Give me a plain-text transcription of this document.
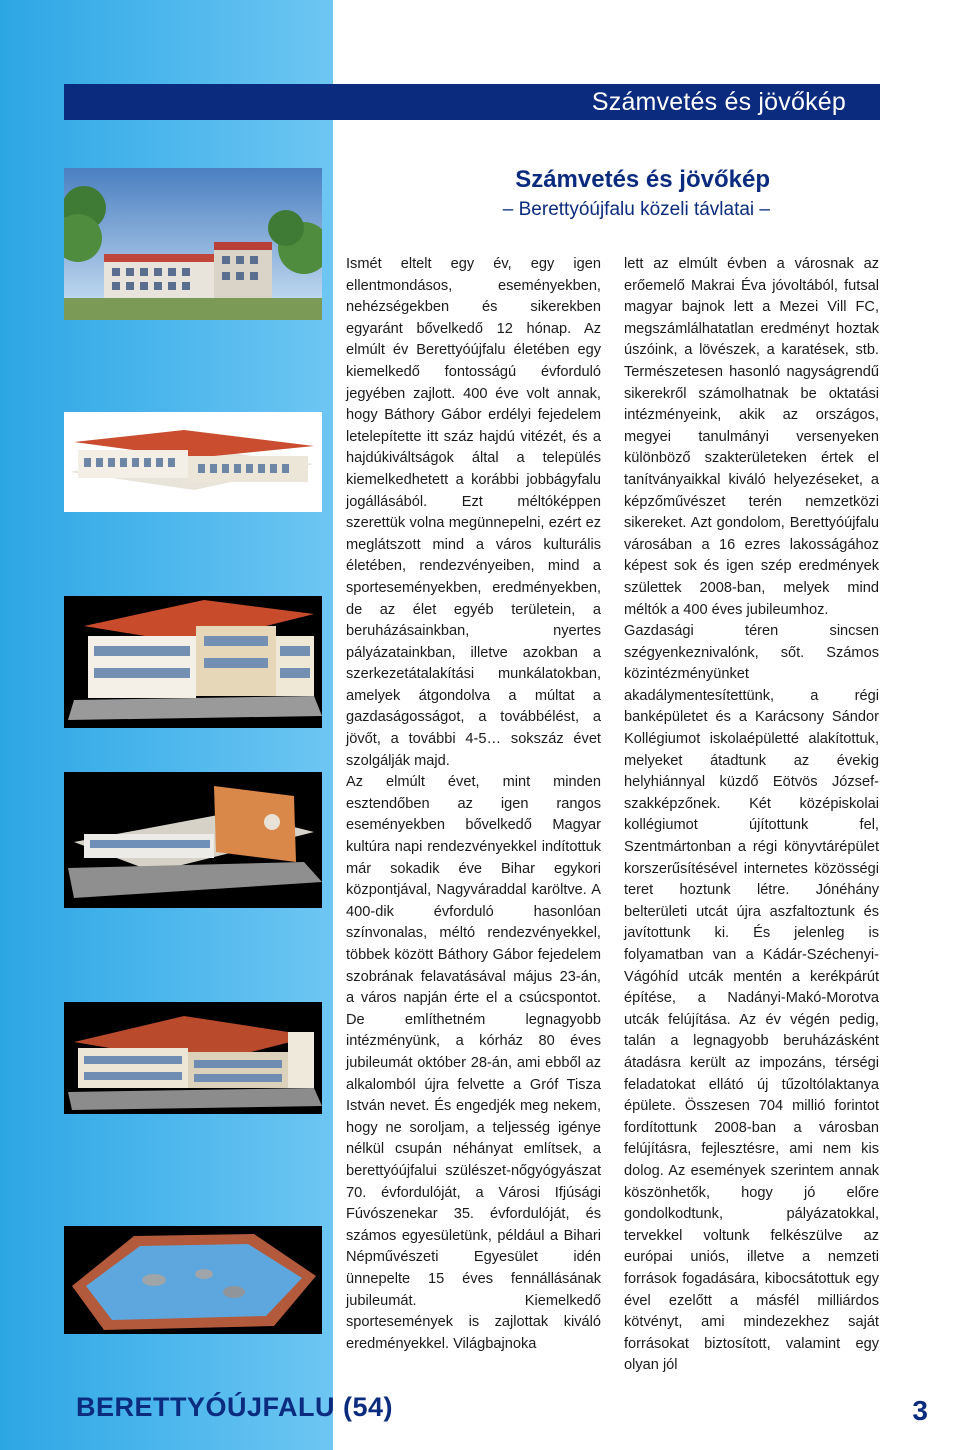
Számvetés és jövőkép
Számvetés és jövőkép
– Berettyóújfalu közeli távlatai –

Ismét eltelt egy év, egy igen ellentmondásos, eseményekben, nehézségekben és sikerekben egyaránt bővelkedő 12 hónap. Az elmúlt év Berettyóújfalu életében egy kiemelkedő fontosságú évforduló jegyében zajlott. 400 éve volt annak, hogy Báthory Gábor erdélyi fejedelem letelepítette itt száz hajdú vitézét, és a hajdúkiváltságok által a település kiemelkedhetett a korábbi jobbágyfalu jogállásából. Ezt méltóképpen szerettük volna megünnepelni, ezért ez meglátszott mind a város kulturális életében, rendezvényeiben, mind a sporteseményekben, eredményekben, de az élet egyéb területein, a beruházásainkban, nyertes pályázatainkban, illetve azokban a szerkezetátalakítási munkálatokban, amelyek átgondolva a múltat a gazdaságosságot, a továbbélést, a jövőt, a további 4-5… sokszáz évet szolgálják majd.

Az elmúlt évet, mint minden esztendőben az igen rangos eseményekben bővelkedő Magyar kultúra napi rendezvényekkel indítottuk már sokadik éve Bihar egykori központjával, Nagyváraddal karöltve. A 400-dik évforduló hasonlóan színvonalas, méltó rendezvényekkel, többek között Báthory Gábor fejedelem szobrának felavatásával május 23-án, a város napján érte el a csúcspontot. De említhetném legnagyobb intézményünk, a kórház 80 éves jubileumát október 28-án, ami ebből az alkalomból újra felvette a Gróf Tisza István nevet. És engedjék meg nekem, hogy ne soroljam, a teljesség igénye nélkül csupán néhányat említsek, a berettyóújfalui szülészet-nőgyógyászat 70. évfordulóját, a Városi Ifjúsági Fúvószenekar 35. évfordulóját, és számos egyesületünk, például a Bihari Népművészeti Egyesület idén ünnepelte 15 éves fennállásának jubileumát. Kiemelkedő sportesemények is zajlottak kiváló eredményekkel. Világbajnoka

lett az elmúlt évben a városnak az erőemelő Makrai Éva jóvoltából, futsal magyar bajnok lett a Mezei Vill FC, megszámlálhatatlan eredményt hoztak úszóink, a lövészek, a karatések, stb. Természetesen hasonló nagyságrendű sikerekről számolhatnak be oktatási intézményeink, akik az országos, megyei tanulmányi versenyeken különböző szakterületeken értek el tanítványaikkal kiváló helyezéseket, a képzőművészet terén nemzetközi sikereket. Azt gondolom, Berettyóújfalu városában a 16 ezres lakosságához képest sok és igen szép eredmények születtek 2008-ban, melyek mind méltók a 400 éves jubileumhoz.

Gazdasági téren sincsen szégyenkeznivalónk, sőt. Számos közintézményünket akadálymentesítettünk, a régi banképületet és a Karácsony Sándor Kollégiumot iskolaépületté alakítottuk, melyeket átadtunk az évekig helyhiánnyal küzdő Eötvös József-szakképzőnek. Két középiskolai kollégiumot újítottunk fel, Szentmártonban a régi könyvtárépület korszerűsítésével internetes közösségi teret hoztunk létre. Jónéhány belterületi utcát újra aszfaltoztunk és javítottunk ki. És jelenleg is folyamatban van a Kádár-Széchenyi-Vágóhíd utcák mentén a kerékpárút építése, a Nadányi-Makó-Morotva utcák felújítása. Az év végén pedig, talán a legnagyobb beruházásként átadásra került az impozáns, térségi feladatokat ellátó új tűzoltólaktanya épülete. Összesen 704 millió forintot fordítottunk 2008-ban a városban felújításra, fejlesztésre, ami nem kis dolog. Az események szerintem annak köszönhetők, hogy jó előre gondolkodtunk, pályázatokkal, tervekkel voltunk felkészülve az európai uniós, illetve a nemzeti források fogadására, kibocsátottuk egy ével ezelőtt a másfél milliárdos kötvényt, ami mindezekhez saját forrásokat biztosított, valamint egy olyan jól

BERETTYÓÚJFALU (54)	3
